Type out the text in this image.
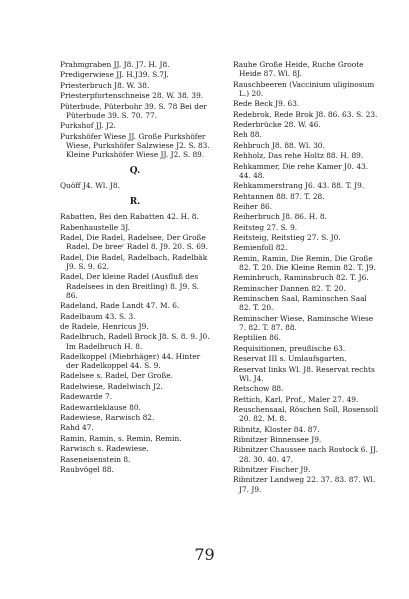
Prahmgraben JJ. J8. J7. H. J8.
Predigerwiese JJ. H.J39. S.7J.
Priesterbruch J8. W. 38.
Priesterpfortenschneise 28. W. 38. 39.
Püterbude, Püterbohr 39. S. 78 Bei der Püterbude 39. S. 70. 77.
Purkshof JJ. J2.
Purkshöfer Wiese JJ. Große Purkshöfer Wiese, Purkshöfer Salzwiese J2. S. 83. Kleine Purkshöfer Wiese JJ. J2. S. 89.
Q.
Quöff J4. Wl. J8.
R.
Rabatten, Bei den Rabatten 42. H. 8.
Rabenhaustelle 3J.
Radel, Die Radel, Radelsee, Der Große Radel, De breeʳ Radel 8. J9. 20. S. 69.
Radel, Die Radel, Radelbach, Radelbäk J9. S. 9. 62.
Radel, Der kleine Radel (Ausfluß des Radelsees in den Breitling) 8. J9. S. 86.
Radeland, Rade Landt 47. M. 6.
Radelbaum 43. S. 3.
de Radele, Henricus J9.
Radelbruch, Radell Brock J8. S. 8. 9. J0. Im Radelbruch H. 8.
Radelkoppel (Miebrhäger) 44. Hinter der Radelkoppel 44. S. 9.
Radelsee s. Radel, Der Große.
Radelwiese, Radelwisch J2.
Radewarde 7.
Radewardeklause 80.
Radewiese, Rarwisch 82.
Rahd 47.
Ramin, Ramin, s. Remin, Remin.
Rarwisch s. Radewiese.
Raseneisenstein 8.
Raubvögel 88.
Rauhe Große Heide, Ruche Groote Heide 87. Wl. 8J.
Rauschbeeren (Vaccinium uliginosum L.) 20.
Rede Beck J9. 63.
Redebrok, Rede Brok J8. 86. 63. S. 23.
Rederbrücke 28. W. 46.
Reh 88.
Rehbruch J8. 88. Wl. 30.
Rehholz, Das rehe Holtz 88. H. 89.
Rehkammer, Die rehe Kamer J0. 43. 44. 48.
Rehkammerstrang J6. 43. 88. T. J9.
Rehtannen 88. 87. T. 28.
Reiher 86.
Reiherbruch J8. 86. H. 8.
Reitsteg 27. S. 9.
Reitsteig, Reitstieg 27. S. J0.
Remienfoll 82.
Remin, Ramin, Die Remin, Die Große 82. T. 20. Die Kleine Remin 82. T. J9.
Reminbruch, Raminsbruch 82. T. J6.
Reminscher Dannen 82. T. 20.
Reminschen Saal, Raminschen Saal 82. T. 20.
Reminscher Wiese, Raminsche Wiese 7. 82. T. 87. 88.
Reptilien 86.
Requisitionen, preußische 63.
Reservat III s. Umlaufsgarten.
Reservat links Wl. J8. Reservat rechts Wl. J4.
Retschow 88.
Rettich, Karl, Prof., Maler 27. 49.
Reuschensaal, Röschen Soll, Rosensoll 20. 82. M. 8.
Ribnitz, Kloster 84. 87.
Ribnitzer Binnensee J9.
Ribnitzer Chaussee nach Rostock 6. JJ. 28. 30. 40. 47.
Ribnitzer Fischer J9.
Ribnitzer Landweg 22. 37. 83. 87. Wl. J7. J9.
79
